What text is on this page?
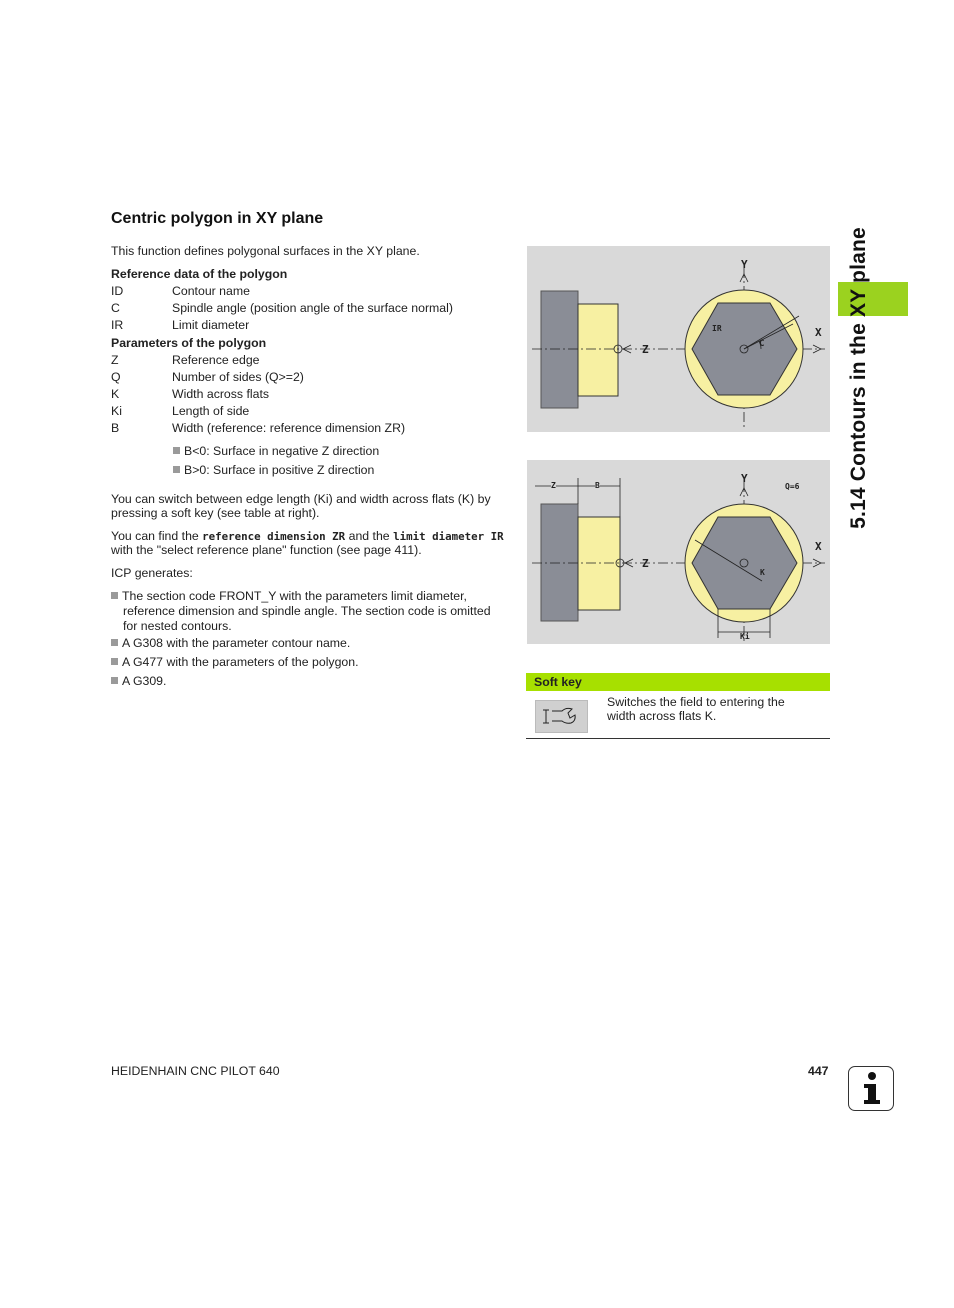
Centric polygon in XY plane
This function defines polygonal surfaces in the XY plane.
Reference data of the polygon
ID	Contour name
C	Spindle angle (position angle of the surface normal)
IR	Limit diameter
Parameters of the polygon
Z	Reference edge
Q	Number of sides (Q>=2)
K	Width across flats
Ki	Length of side
B	Width (reference: reference dimension ZR)
B<0: Surface in negative Z direction
B>0: Surface in positive Z direction
You can switch between edge length (Ki) and width across flats (K) by
pressing a soft key (see table at right).
You can find the reference dimension ZR and the limit diameter IR
with the "select reference plane" function (see page 411).
ICP generates:
The section code FRONT_Y with the parameters limit diameter,
reference dimension and spindle angle. The section code is omitted
for nested contours.
A G308 with the parameter contour name.
A G477 with the parameters of the polygon.
A G309.
5.14 Contours in the XY plane
Y
X
Z
IR
C
Z	B
Y
Q=6
X
Z
K
Ki
Soft key
Switches the field to entering the
width across flats K.
HEIDENHAIN CNC PILOT 640	447
